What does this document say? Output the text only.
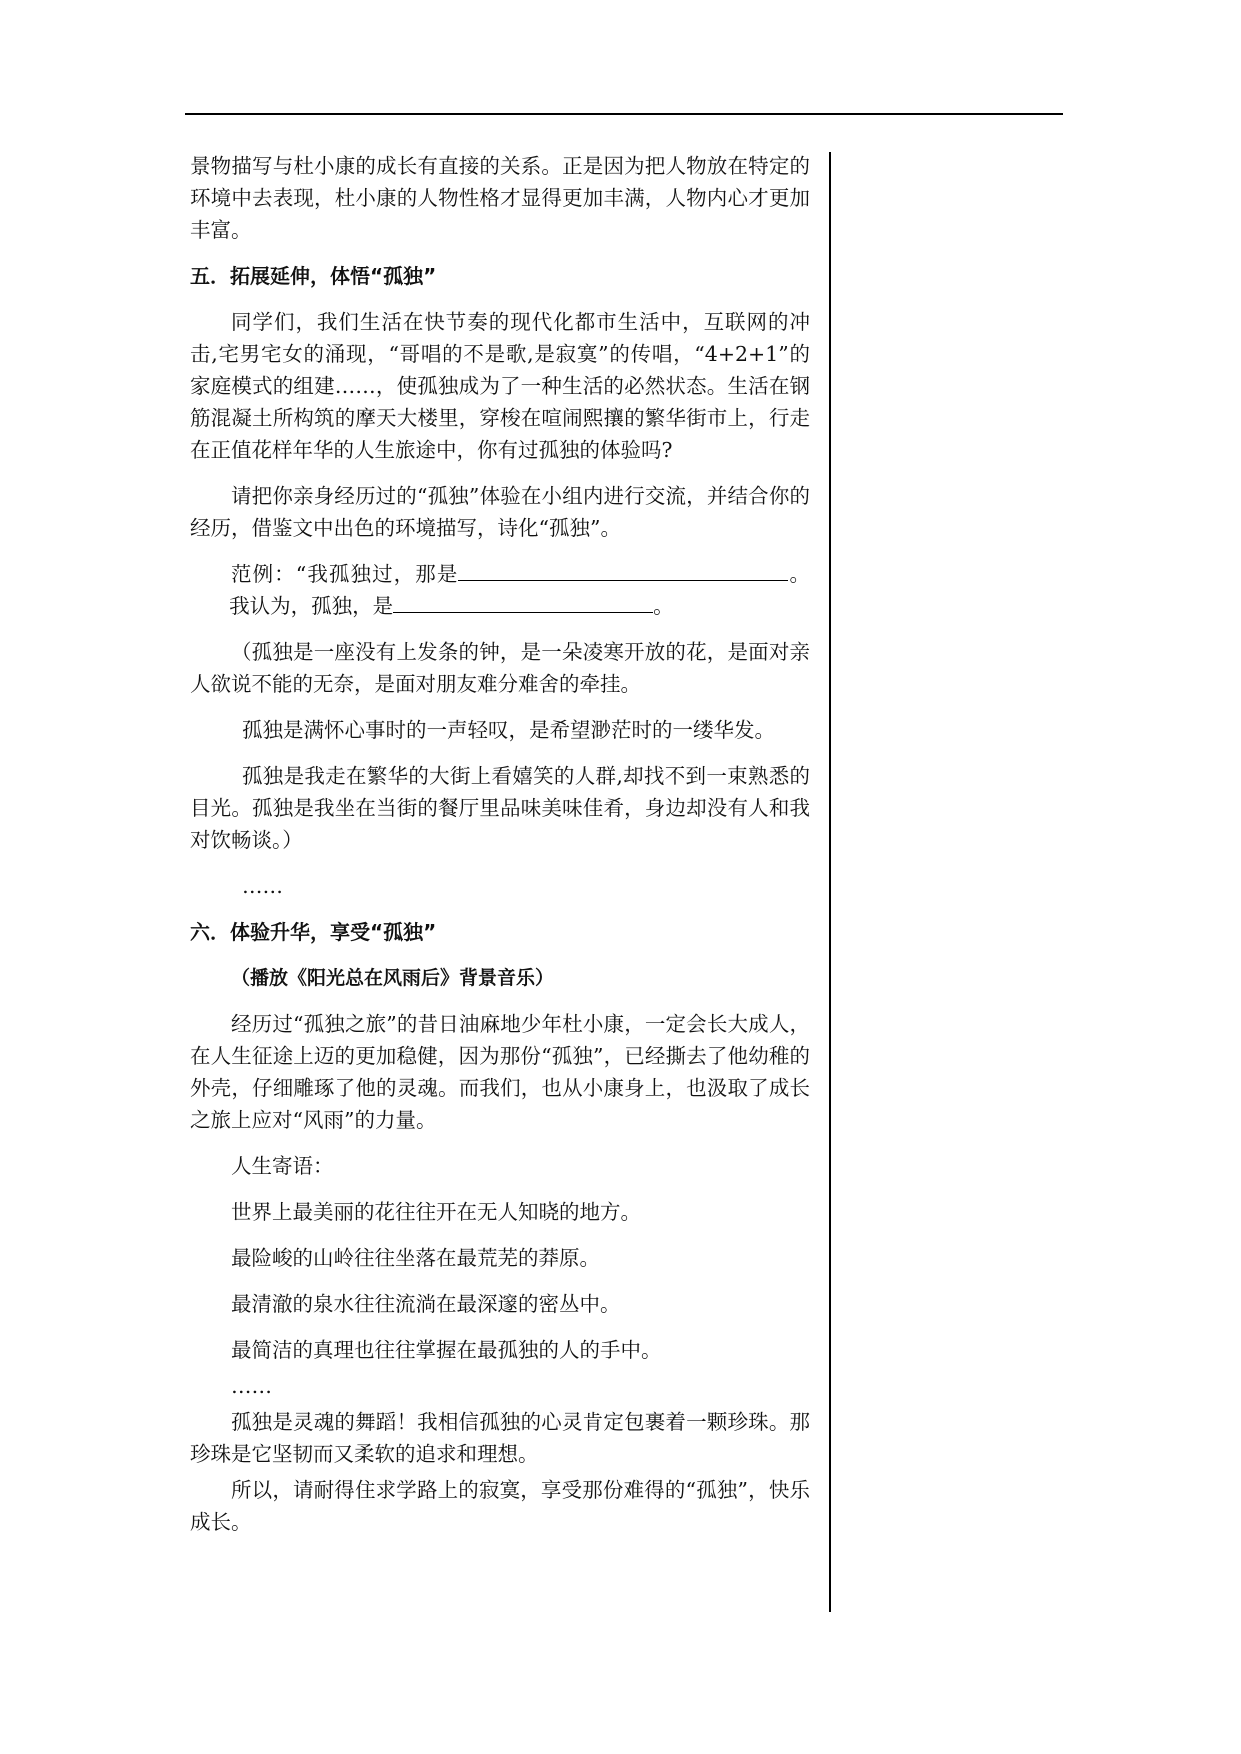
景物描写与杜小康的成长有直接的关系。正是因为把人物放在特定的环境中去表现，杜小康的人物性格才显得更加丰满，人物内心才更加丰富。

五．拓展延伸，体悟“孤独”

同学们，我们生活在快节奏的现代化都市生活中，互联网的冲击,宅男宅女的涌现，“哥唱的不是歌,是寂寞”的传唱，“4+2+1”的家庭模式的组建……，使孤独成为了一种生活的必然状态。生活在钢筋混凝土所构筑的摩天大楼里，穿梭在喧闹熙攘的繁华街市上，行走在正值花样年华的人生旅途中，你有过孤独的体验吗?

请把你亲身经历过的“孤独”体验在小组内进行交流，并结合你的经历，借鉴文中出色的环境描写，诗化“孤独”。

范例：“我孤独过，那是	。       我认为，孤独，是	。

（孤独是一座没有上发条的钟，是一朵凌寒开放的花，是面对亲人欲说不能的无奈，是面对朋友难分难舍的牵挂。

孤独是满怀心事时的一声轻叹，是希望渺茫时的一缕华发。

孤独是我走在繁华的大街上看嬉笑的人群,却找不到一束熟悉的目光。孤独是我坐在当街的餐厅里品味美味佳肴，身边却没有人和我对饮畅谈。）

……

六．体验升华，享受“孤独”
（播放《阳光总在风雨后》背景音乐）

经历过“孤独之旅”的昔日油麻地少年杜小康，一定会长大成人，在人生征途上迈的更加稳健，因为那份“孤独”，已经撕去了他幼稚的外壳，仔细雕琢了他的灵魂。而我们，也从小康身上，也汲取了成长之旅上应对“风雨”的力量。

人生寄语：

世界上最美丽的花往往开在无人知晓的地方。

最险峻的山岭往往坐落在最荒芜的莽原。

最清澈的泉水往往流淌在最深邃的密丛中。

最简洁的真理也往往掌握在最孤独的人的手中。

……

孤独是灵魂的舞蹈！我相信孤独的心灵肯定包裹着一颗珍珠。那珍珠是它坚韧而又柔软的追求和理想。

所以，请耐得住求学路上的寂寞，享受那份难得的“孤独”，快乐成长。
